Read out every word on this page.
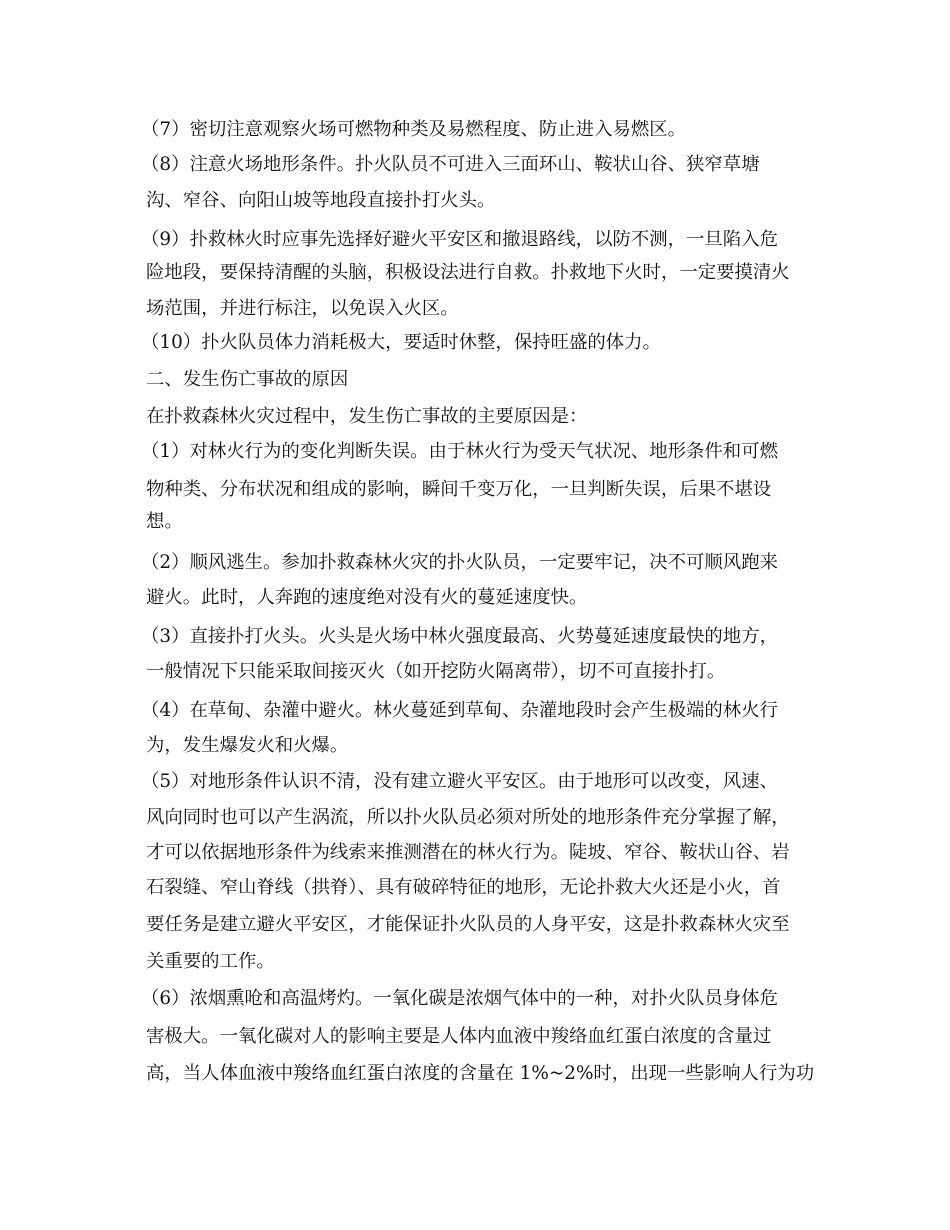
（7）密切注意观察火场可燃物种类及易燃程度、防止进入易燃区。
（8）注意火场地形条件。扑火队员不可进入三面环山、鞍状山谷、狭窄草塘
沟、窄谷、向阳山坡等地段直接扑打火头。
（9）扑救林火时应事先选择好避火平安区和撤退路线，以防不测，一旦陷入危
险地段，要保持清醒的头脑，积极设法进行自救。扑救地下火时，一定要摸清火
场范围，并进行标注，以免误入火区。
（10）扑火队员体力消耗极大，要适时休整，保持旺盛的体力。
二、发生伤亡事故的原因
在扑救森林火灾过程中，发生伤亡事故的主要原因是：
（1）对林火行为的变化判断失误。由于林火行为受天气状况、地形条件和可燃
物种类、分布状况和组成的影响，瞬间千变万化，一旦判断失误，后果不堪设
想。
（2）顺风逃生。参加扑救森林火灾的扑火队员，一定要牢记，决不可顺风跑来
避火。此时，人奔跑的速度绝对没有火的蔓延速度快。
（3）直接扑打火头。火头是火场中林火强度最高、火势蔓延速度最快的地方，
一般情况下只能采取间接灭火（如开挖防火隔离带），切不可直接扑打。
（4）在草甸、杂灌中避火。林火蔓延到草甸、杂灌地段时会产生极端的林火行
为，发生爆发火和火爆。
（5）对地形条件认识不清，没有建立避火平安区。由于地形可以改变，风速、
风向同时也可以产生涡流，所以扑火队员必须对所处的地形条件充分掌握了解，
才可以依据地形条件为线索来推测潜在的林火行为。陡坡、窄谷、鞍状山谷、岩
石裂缝、窄山脊线（拱脊）、具有破碎特征的地形，无论扑救大火还是小火，首
要任务是建立避火平安区，才能保证扑火队员的人身平安，这是扑救森林火灾至
关重要的工作。
（6）浓烟熏呛和高温烤灼。一氧化碳是浓烟气体中的一种，对扑火队员身体危
害极大。一氧化碳对人的影响主要是人体内血液中羧络血红蛋白浓度的含量过
高，当人体血液中羧络血红蛋白浓度的含量在 1%~2%时，出现一些影响人行为功
